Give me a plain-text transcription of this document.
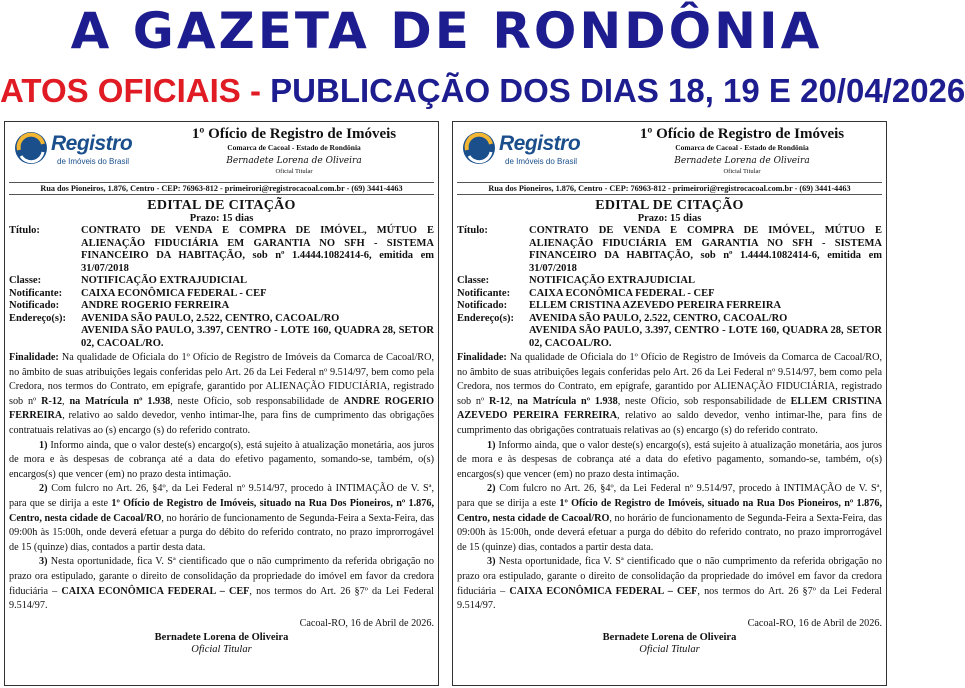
A GAZETA DE RONDÔNIA
ATOS OFICIAIS - PUBLICAÇÃO DOS DIAS 18, 19 E 20/04/2026
Registro
de Imóveis do Brasil
1º Ofício de Registro de Imóveis
Comarca de Cacoal - Estado de Rondônia
Bernadete Lorena de Oliveira
Oficial Titular
Rua dos Pioneiros, 1.876, Centro - CEP: 76963-812 - primeirori@registrocacoal.com.br - (69) 3441-4463
EDITAL DE CITAÇÃO
Prazo: 15 dias
Título:	CONTRATO DE VENDA E COMPRA DE IMÓVEL, MÚTUO E ALIENAÇÃO FIDUCIÁRIA EM GARANTIA NO SFH - SISTEMA FINANCEIRO DA HABITAÇÃO, sob nº 1.4444.1082414-6, emitida em 31/07/2018
Classe:	NOTIFICAÇÃO EXTRAJUDICIAL
Notificante:	CAIXA ECONÔMICA FEDERAL - CEF
Notificado:	ANDRE ROGERIO FERREIRA
Endereço(s):	AVENIDA SÃO PAULO, 2.522, CENTRO, CACOAL/RO
AVENIDA SÃO PAULO, 3.397, CENTRO - LOTE 160, QUADRA 28, SETOR 02, CACOAL/RO.

Finalidade: Na qualidade de Oficiala do 1º Ofício de Registro de Imóveis da Comarca de Cacoal/RO, no âmbito de suas atribuições legais conferidas pelo Art. 26 da Lei Federal nº 9.514/97, bem como pela Credora, nos termos do Contrato, em epígrafe, garantido por ALIENAÇÃO FIDUCIÁRIA, registrado sob nº R-12, na Matrícula nº 1.938, neste Ofício, sob responsabilidade de ANDRE ROGERIO FERREIRA, relativo ao saldo devedor, venho intimar-lhe, para fins de cumprimento das obrigações contratuais relativas ao (s) encargo (s) do referido contrato.

1) Informo ainda, que o valor deste(s) encargo(s), está sujeito à atualização monetária, aos juros de mora e às despesas de cobrança até a data do efetivo pagamento, somando-se, também, o(s) encargos(s) que vencer (em) no prazo desta intimação.

2) Com fulcro no Art. 26, §4º, da Lei Federal nº 9.514/97, procedo à INTIMAÇÃO de V. Sª, para que se dirija a este 1º Ofício de Registro de Imóveis, situado na Rua Dos Pioneiros, nº 1.876, Centro, nesta cidade de Cacoal/RO, no horário de funcionamento de Segunda-Feira a Sexta-Feira, das 09:00h às 15:00h, onde deverá efetuar a purga do débito do referido contrato, no prazo improrrogável de 15 (quinze) dias, contados a partir desta data.

3) Nesta oportunidade, fica V. Sª cientificado que o não cumprimento da referida obrigação no prazo ora estipulado, garante o direito de consolidação da propriedade do imóvel em favor da credora fiduciária – CAIXA ECONÔMICA FEDERAL – CEF, nos termos do Art. 26 §7º da Lei Federal 9.514/97.

Cacoal-RO, 16 de Abril de 2026.
Bernadete Lorena de Oliveira
Oficial Titular
Registro
de Imóveis do Brasil
1º Ofício de Registro de Imóveis
Comarca de Cacoal - Estado de Rondônia
Bernadete Lorena de Oliveira
Oficial Titular
Rua dos Pioneiros, 1.876, Centro - CEP: 76963-812 - primeirori@registrocacoal.com.br - (69) 3441-4463
EDITAL DE CITAÇÃO
Prazo: 15 dias
Título:	CONTRATO DE VENDA E COMPRA DE IMÓVEL, MÚTUO E ALIENAÇÃO FIDUCIÁRIA EM GARANTIA NO SFH - SISTEMA FINANCEIRO DA HABITAÇÃO, sob nº 1.4444.1082414-6, emitida em 31/07/2018
Classe:	NOTIFICAÇÃO EXTRAJUDICIAL
Notificante:	CAIXA ECONÔMICA FEDERAL - CEF
Notificado:	ELLEM CRISTINA AZEVEDO PEREIRA FERREIRA
Endereço(s):	AVENIDA SÃO PAULO, 2.522, CENTRO, CACOAL/RO
AVENIDA SÃO PAULO, 3.397, CENTRO - LOTE 160, QUADRA 28, SETOR 02, CACOAL/RO.

Finalidade: Na qualidade de Oficiala do 1º Ofício de Registro de Imóveis da Comarca de Cacoal/RO, no âmbito de suas atribuições legais conferidas pelo Art. 26 da Lei Federal nº 9.514/97, bem como pela Credora, nos termos do Contrato, em epígrafe, garantido por ALIENAÇÃO FIDUCIÁRIA, registrado sob nº R-12, na Matrícula nº 1.938, neste Ofício, sob responsabilidade de ELLEM CRISTINA AZEVEDO PEREIRA FERREIRA, relativo ao saldo devedor, venho intimar-lhe, para fins de cumprimento das obrigações contratuais relativas ao (s) encargo (s) do referido contrato.

1) Informo ainda, que o valor deste(s) encargo(s), está sujeito à atualização monetária, aos juros de mora e às despesas de cobrança até a data do efetivo pagamento, somando-se, também, o(s) encargos(s) que vencer (em) no prazo desta intimação.

2) Com fulcro no Art. 26, §4º, da Lei Federal nº 9.514/97, procedo à INTIMAÇÃO de V. Sª, para que se dirija a este 1º Ofício de Registro de Imóveis, situado na Rua Dos Pioneiros, nº 1.876, Centro, nesta cidade de Cacoal/RO, no horário de funcionamento de Segunda-Feira a Sexta-Feira, das 09:00h às 15:00h, onde deverá efetuar a purga do débito do referido contrato, no prazo improrrogável de 15 (quinze) dias, contados a partir desta data.

3) Nesta oportunidade, fica V. Sª cientificado que o não cumprimento da referida obrigação no prazo ora estipulado, garante o direito de consolidação da propriedade do imóvel em favor da credora fiduciária – CAIXA ECONÔMICA FEDERAL – CEF, nos termos do Art. 26 §7º da Lei Federal 9.514/97.

Cacoal-RO, 16 de Abril de 2026.
Bernadete Lorena de Oliveira
Oficial Titular
